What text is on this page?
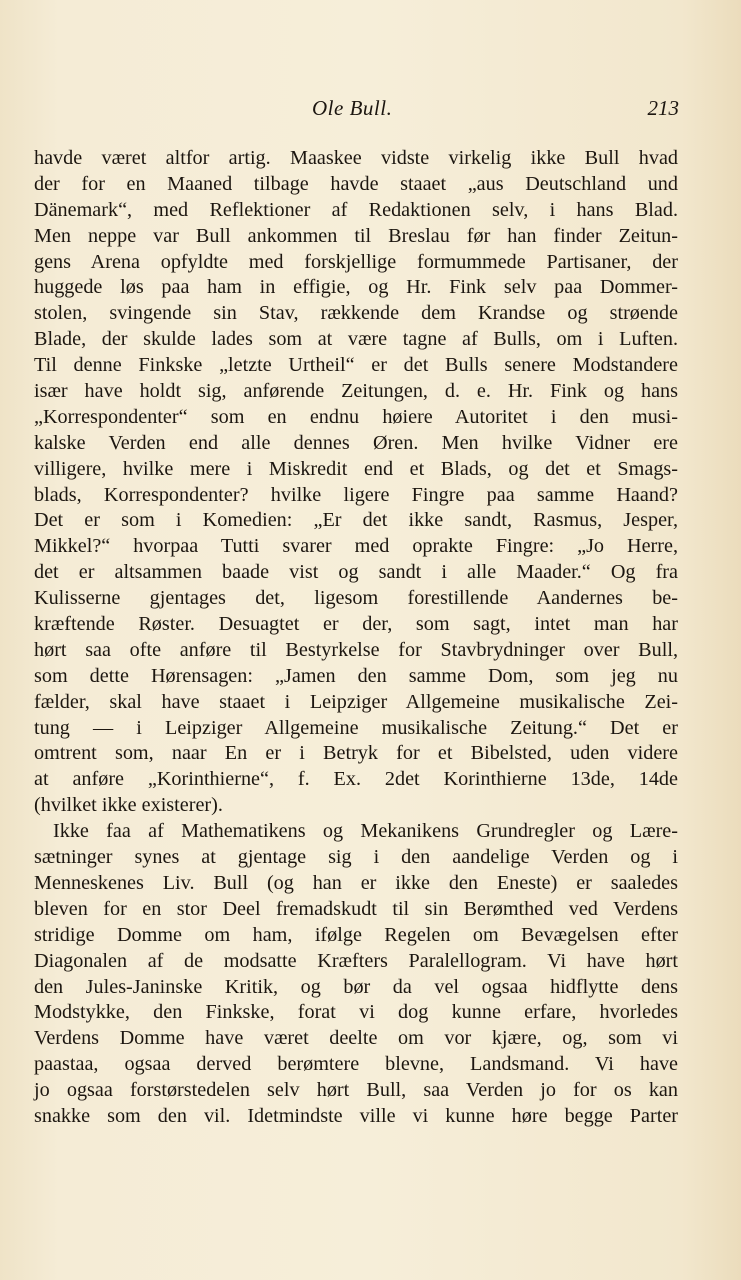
Ole Bull.	213
havde været altfor artig. Maaskee vidste virkelig ikke Bull hvad
der for en Maaned tilbage havde staaet „aus Deutschland und
Dänemark“, med Reflektioner af Redaktionen selv, i hans Blad.
Men neppe var Bull ankommen til Breslau før han finder Zeitun-
gens Arena opfyldte med forskjellige formummede Partisaner, der
huggede løs paa ham in effigie, og Hr. Fink selv paa Dommer-
stolen, svingende sin Stav, rækkende dem Krandse og strøende
Blade, der skulde lades som at være tagne af Bulls, om i Luften.
Til denne Finkske „letzte Urtheil“ er det Bulls senere Modstandere
især have holdt sig, anførende Zeitungen, d. e. Hr. Fink og hans
„Korrespondenter“ som en endnu høiere Autoritet i den musi-
kalske Verden end alle dennes Øren. Men hvilke Vidner ere
villigere, hvilke mere i Miskredit end et Blads, og det et Smags-
blads, Korrespondenter? hvilke ligere Fingre paa samme Haand?
Det er som i Komedien: „Er det ikke sandt, Rasmus, Jesper,
Mikkel?“ hvorpaa Tutti svarer med oprakte Fingre: „Jo Herre,
det er altsammen baade vist og sandt i alle Maader.“ Og fra
Kulisserne gjentages det, ligesom forestillende Aandernes be-
kræftende Røster. Desuagtet er der, som sagt, intet man har
hørt saa ofte anføre til Bestyrkelse for Stavbrydninger over Bull,
som dette Hørensagen: „Jamen den samme Dom, som jeg nu
fælder, skal have staaet i Leipziger Allgemeine musikalische Zei-
tung — i Leipziger Allgemeine musikalische Zeitung.“ Det er
omtrent som, naar En er i Betryk for et Bibelsted, uden videre
at anføre „Korinthierne“, f. Ex. 2det Korinthierne 13de, 14de
(hvilket ikke existerer).
Ikke faa af Mathematikens og Mekanikens Grundregler og Lære-
sætninger synes at gjentage sig i den aandelige Verden og i
Menneskenes Liv. Bull (og han er ikke den Eneste) er saaledes
bleven for en stor Deel fremadskudt til sin Berømthed ved Verdens
stridige Domme om ham, ifølge Regelen om Bevægelsen efter
Diagonalen af de modsatte Kræfters Paralellogram. Vi have hørt
den Jules-Janinske Kritik, og bør da vel ogsaa hidflytte dens
Modstykke, den Finkske, forat vi dog kunne erfare, hvorledes
Verdens Domme have været deelte om vor kjære, og, som vi
paastaa, ogsaa derved berømtere blevne, Landsmand. Vi have
jo ogsaa forstørstedelen selv hørt Bull, saa Verden jo for os kan
snakke som den vil. Idetmindste ville vi kunne høre begge Parter
